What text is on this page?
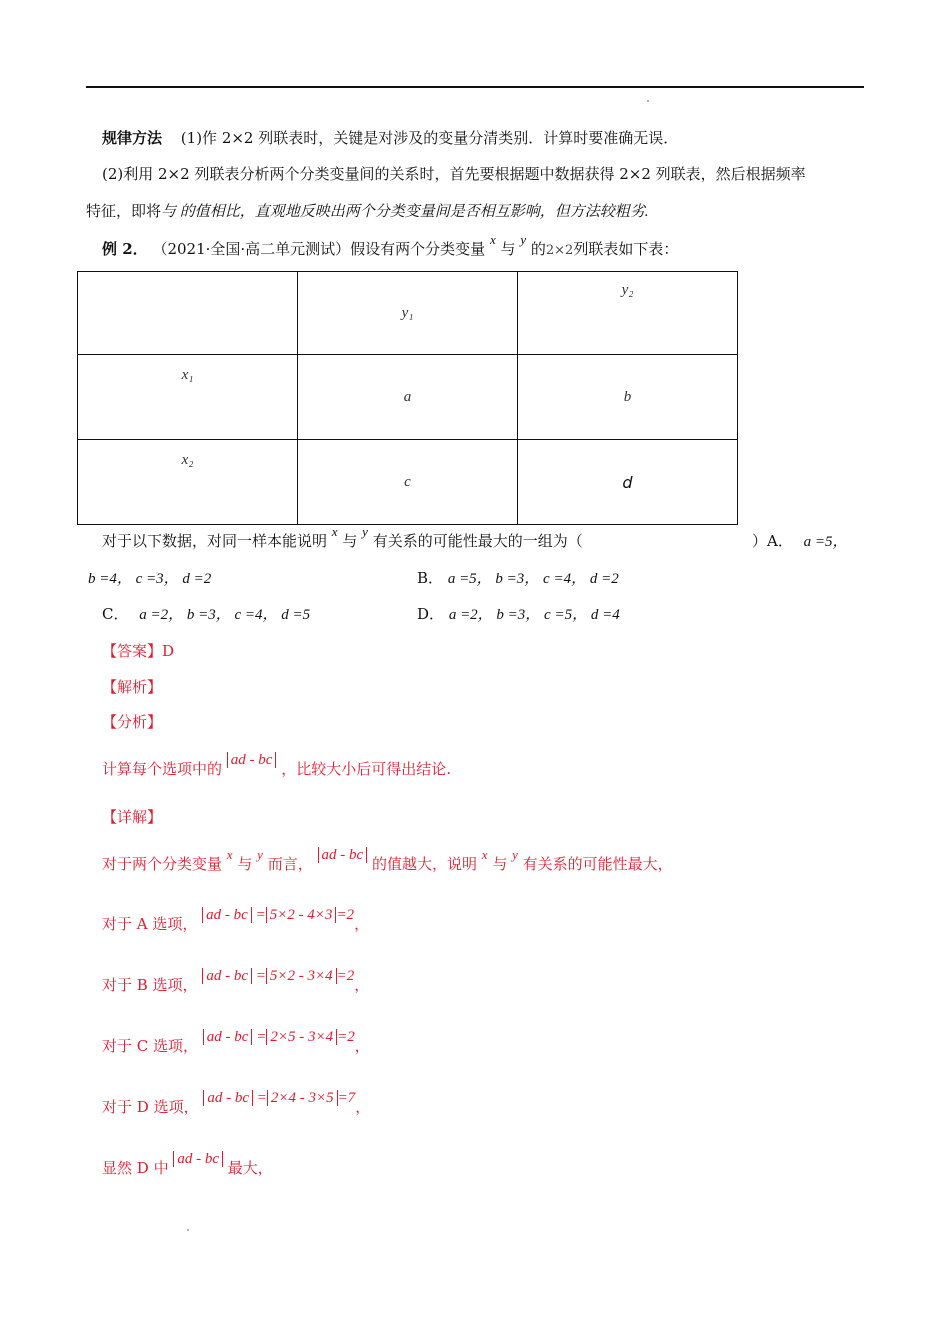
规律方法 (1)作 2×2 列联表时，关键是对涉及的变量分清类别．计算时要准确无误．
(2)利用 2×2 列联表分析两个分类变量间的关系时，首先要根据题中数据获得 2×2 列联表，然后根据频率
特征，即将与 的值相比，直观地反映出两个分类变量间是否相互影响，但方法较粗劣.
例 2． （2021·全国·高二单元测试）假设有两个分类变量 x 与 y 的2×2列联表如下表：
	y₁	y₂
x₁	a	b
x₂	c	d
对于以下数据，对同一样本能说明 x 与 y 有关系的可能性最大的一组为（	）A． a =5，
b =4， c =3， d =2	B． a =5， b =3， c =4， d =2
C． a =2， b =3， c =4， d =5	D． a =2， b =3， c =5， d =4
【答案】D
【解析】
【分析】
计算每个选项中的 ad - bc ，比较大小后可得出结论.
【详解】
对于两个分类变量 x 与 y 而言， ad - bc 的值越大，说明 x 与 y 有关系的可能性最大，
对于 A 选项， ad - bc = 5×2 - 4×3 =2，
对于 B 选项， ad - bc = 5×2 - 3×4 =2，
对于 C 选项， ad - bc = 2×5 - 3×4 =2，
对于 D 选项， ad - bc = 2×4 - 3×5 =7，
显然 D 中 ad - bc 最大，
